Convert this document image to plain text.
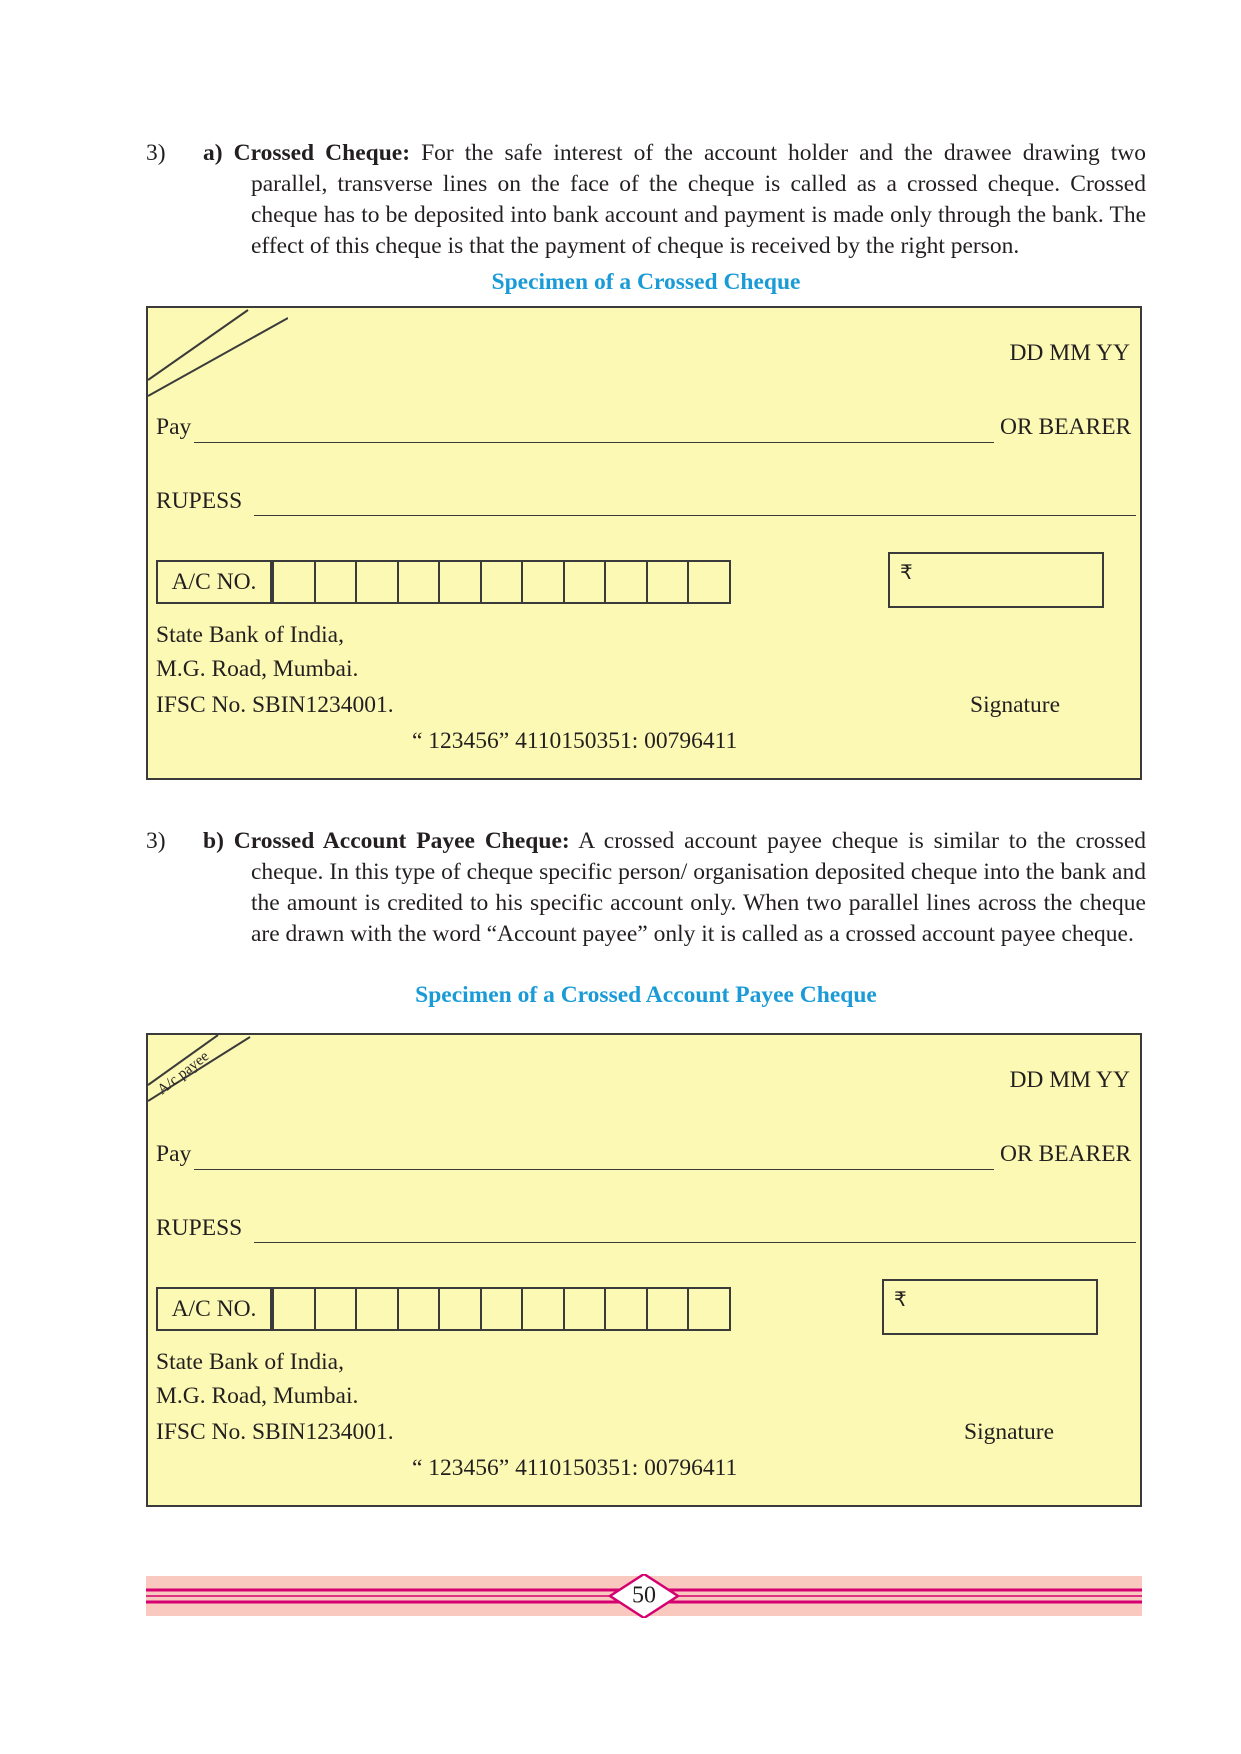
3) a) Crossed Cheque: For the safe interest of the account holder and the drawee drawing two parallel, transverse lines on the face of the cheque is called as a crossed cheque. Crossed cheque has to be deposited into bank account and payment is made only through the bank. The effect of this cheque is that the payment of cheque is received by the right person.
Specimen of a Crossed Cheque
DD MM YY
Pay	OR BEARER
RUPESS
A/C NO.	₹
State Bank of India,
M.G. Road, Mumbai.
IFSC No. SBIN1234001.	Signature
“ 123456” 4110150351: 00796411
3) b) Crossed Account Payee Cheque: A crossed account payee cheque is similar to the crossed cheque. In this type of cheque specific person/ organisation deposited cheque into the bank and the amount is credited to his specific account only. When two parallel lines across the cheque are drawn with the word “Account payee” only it is called as a crossed account payee cheque.
Specimen of a Crossed Account Payee Cheque
A/c payee	DD MM YY
Pay	OR BEARER
RUPESS
A/C NO.	₹
State Bank of India,
M.G. Road, Mumbai.
IFSC No. SBIN1234001.	Signature
“ 123456” 4110150351: 00796411
50
